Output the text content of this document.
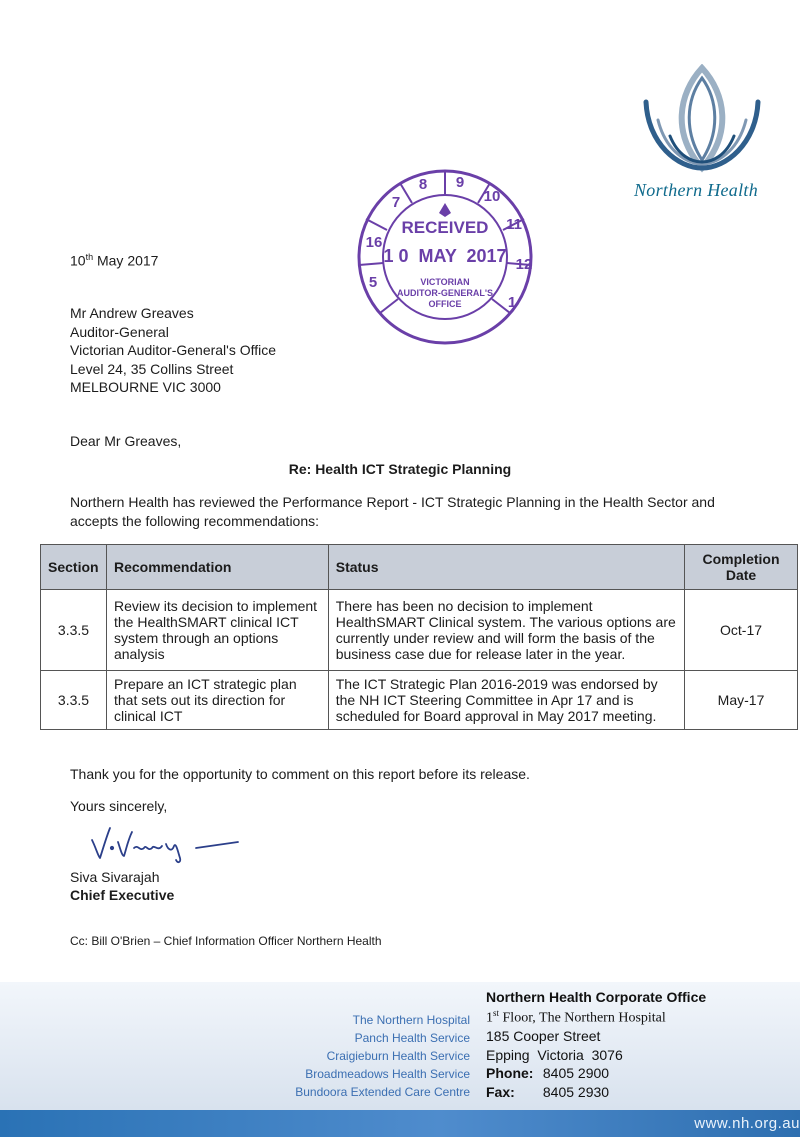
Northern Health
5
16
7
8 9
10
11
12
1
RECEIVED
1 0  MAY  2017
VICTORIAN
AUDITOR-GENERAL'S
OFFICE
10th May 2017
Mr Andrew Greaves
Auditor-General
Victorian Auditor-General's Office
Level 24, 35 Collins Street
MELBOURNE VIC 3000
Dear Mr Greaves,
Re: Health ICT Strategic Planning
Northern Health has reviewed the Performance Report - ICT Strategic Planning in the Health Sector and accepts the following recommendations:
Section	Recommendation	Status	Completion Date
3.3.5	Review its decision to implement the HealthSMART clinical ICT system through an options analysis	There has been no decision to implement HealthSMART Clinical system. The various options are currently under review and will form the basis of the business case due for release later in the year.	Oct-17
3.3.5	Prepare an ICT strategic plan that sets out its direction for clinical ICT	The ICT Strategic Plan 2016-2019 was endorsed by the NH ICT Steering Committee in Apr 17 and is scheduled for Board approval in May 2017 meeting.	May-17
Thank you for the opportunity to comment on this report before its release.
Yours sincerely,
Siva Sivarajah
Chief Executive
Cc: Bill O'Brien – Chief Information Officer Northern Health
The Northern Hospital
Panch Health Service
Craigieburn Health Service
Broadmeadows Health Service
Bundoora Extended Care Centre
Northern Health Corporate Office
1st Floor, The Northern Hospital
185 Cooper Street
Epping  Victoria  3076
Phone: 8405 2900
Fax: 8405 2930
www.nh.org.au
